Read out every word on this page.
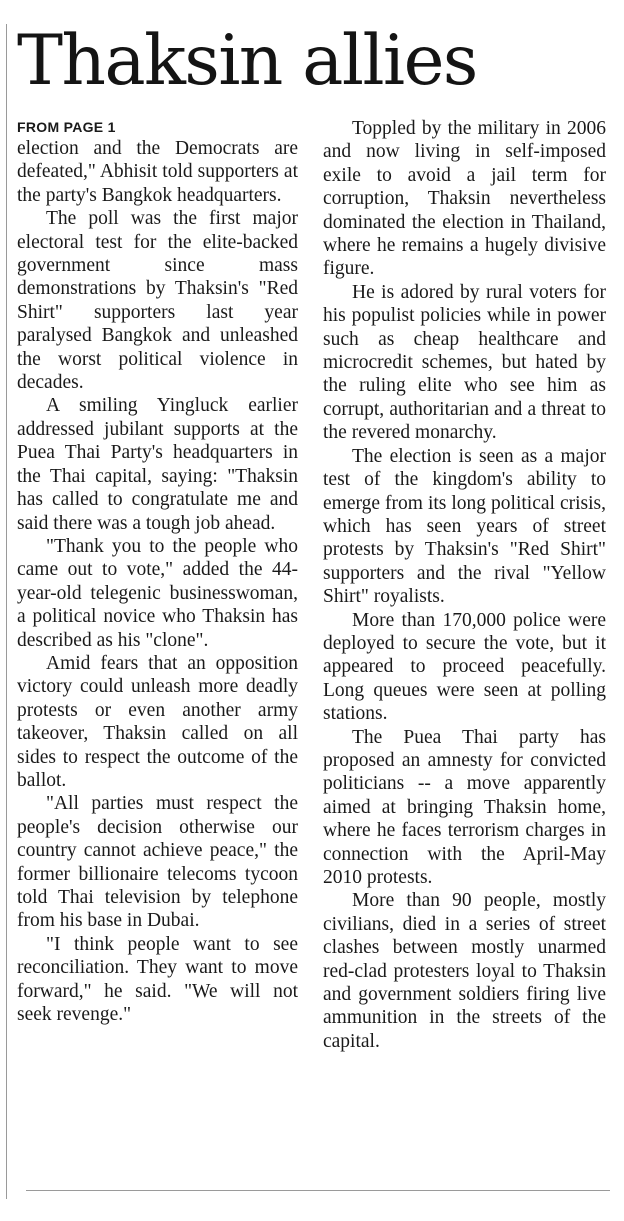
Thaksin allies
FROM PAGE 1

election and the Democrats are defeated," Abhisit told supporters at the party's Bangkok headquarters.

The poll was the first major electoral test for the elite-backed government since mass demonstrations by Thaksin's "Red Shirt" supporters last year paralysed Bangkok and unleashed the worst political violence in decades.

A smiling Yingluck earlier addressed jubilant supports at the Puea Thai Party's headquarters in the Thai capital, saying: "Thaksin has called to congratulate me and said there was a tough job ahead.

"Thank you to the people who came out to vote," added the 44-year-old telegenic businesswoman, a political novice who Thaksin has described as his "clone".

Amid fears that an opposition victory could unleash more deadly protests or even another army takeover, Thaksin called on all sides to respect the outcome of the ballot.

"All parties must respect the people's decision otherwise our country cannot achieve peace," the former billionaire telecoms tycoon told Thai television by telephone from his base in Dubai.

"I think people want to see reconciliation. They want to move forward," he said. "We will not seek revenge."

Toppled by the military in 2006 and now living in self-imposed exile to avoid a jail term for corruption, Thaksin nevertheless dominated the election in Thailand, where he remains a hugely divisive figure.

He is adored by rural voters for his populist policies while in power such as cheap healthcare and microcredit schemes, but hated by the ruling elite who see him as corrupt, authoritarian and a threat to the revered monarchy.

The election is seen as a major test of the kingdom's ability to emerge from its long political crisis, which has seen years of street protests by Thaksin's "Red Shirt" supporters and the rival "Yellow Shirt" royalists.

More than 170,000 police were deployed to secure the vote, but it appeared to proceed peacefully. Long queues were seen at polling stations.

The Puea Thai party has proposed an amnesty for convicted politicians -- a move apparently aimed at bringing Thaksin home, where he faces terrorism charges in connection with the April-May 2010 protests.

More than 90 people, mostly civilians, died in a series of street clashes between mostly unarmed red-clad protesters loyal to Thaksin and government soldiers firing live ammunition in the streets of the capital.
